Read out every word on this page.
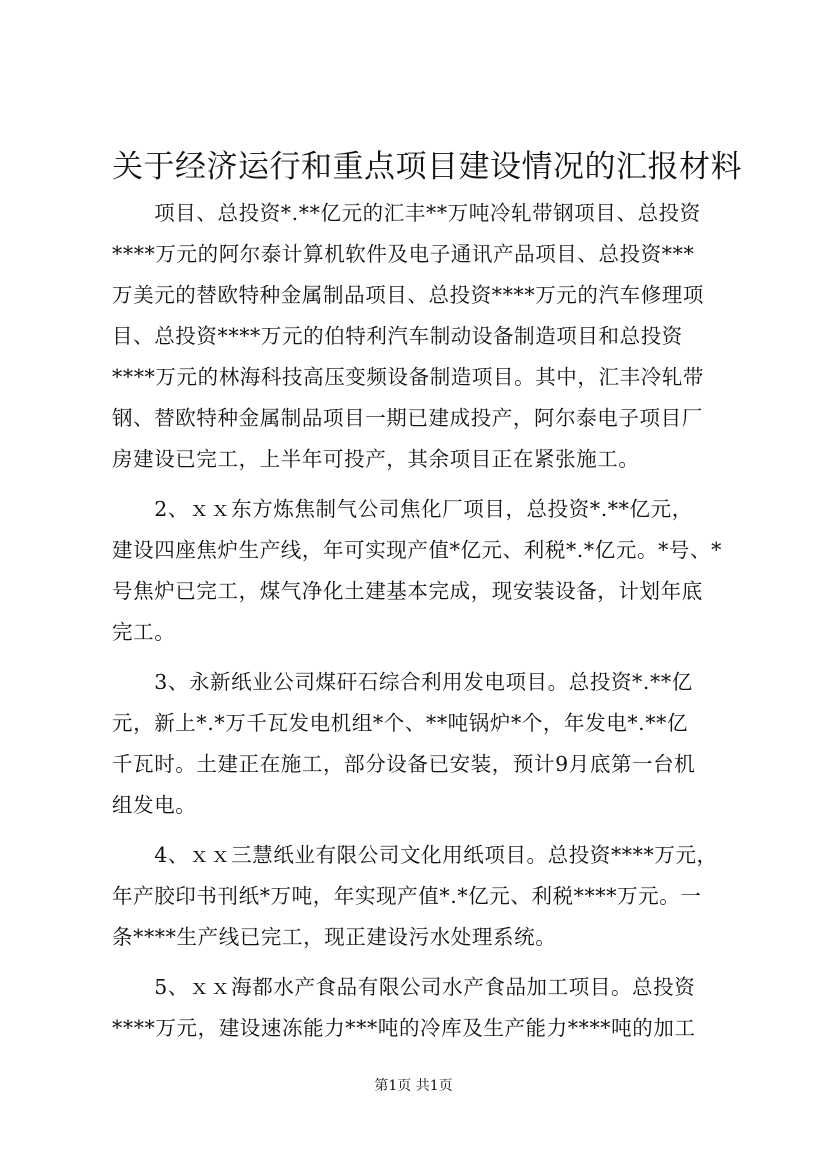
关于经济运行和重点项目建设情况的汇报材料
　　项目、总投资*.**亿元的汇丰**万吨冷轧带钢项目、总投资
****万元的阿尔泰计算机软件及电子通讯产品项目、总投资***
万美元的替欧特种金属制品项目、总投资****万元的汽车修理项
目、总投资****万元的伯特利汽车制动设备制造项目和总投资
****万元的林海科技高压变频设备制造项目。其中，汇丰冷轧带
钢、替欧特种金属制品项目一期已建成投产，阿尔泰电子项目厂
房建设已完工，上半年可投产，其余项目正在紧张施工。
　　2、ｘｘ东方炼焦制气公司焦化厂项目，总投资*.**亿元，
建设四座焦炉生产线，年可实现产值*亿元、利税*.*亿元。*号、*
号焦炉已完工，煤气净化土建基本完成，现安装设备，计划年底
完工。
　　3、永新纸业公司煤矸石综合利用发电项目。总投资*.**亿
元，新上*.*万千瓦发电机组*个、**吨锅炉*个，年发电*.**亿
千瓦时。土建正在施工，部分设备已安装，预计9月底第一台机
组发电。
　　4、ｘｘ三慧纸业有限公司文化用纸项目。总投资****万元，
年产胶印书刊纸*万吨，年实现产值*.*亿元、利税****万元。一
条****生产线已完工，现正建设污水处理系统。
　　5、ｘｘ海都水产食品有限公司水产食品加工项目。总投资
****万元，建设速冻能力***吨的冷库及生产能力****吨的加工
第1页 共1页
